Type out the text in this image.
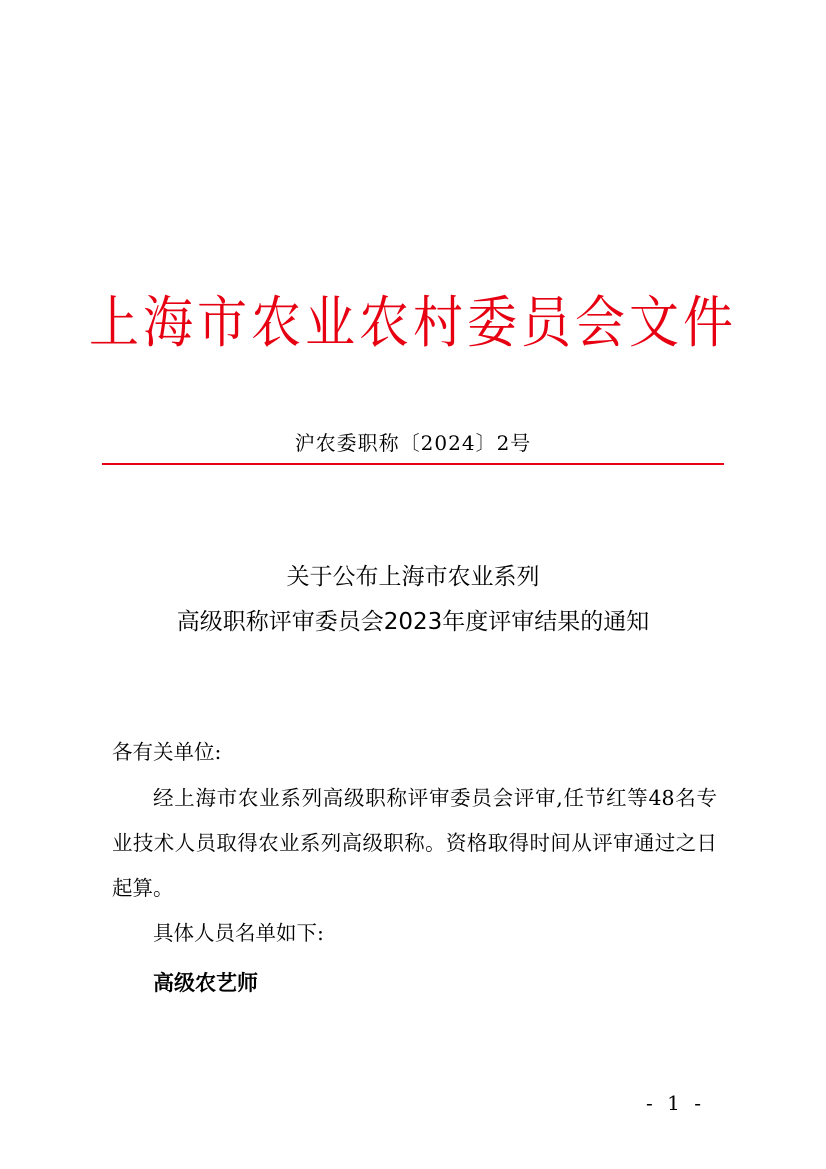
上海市农业农村委员会文件
沪农委职称〔2024〕2号
关于公布上海市农业系列
高级职称评审委员会2023年度评审结果的通知
各有关单位:
经上海市农业系列高级职称评审委员会评审,任节红等48名专业技术人员取得农业系列高级职称。资格取得时间从评审通过之日起算。
具体人员名单如下:
高级农艺师
- 1 -
